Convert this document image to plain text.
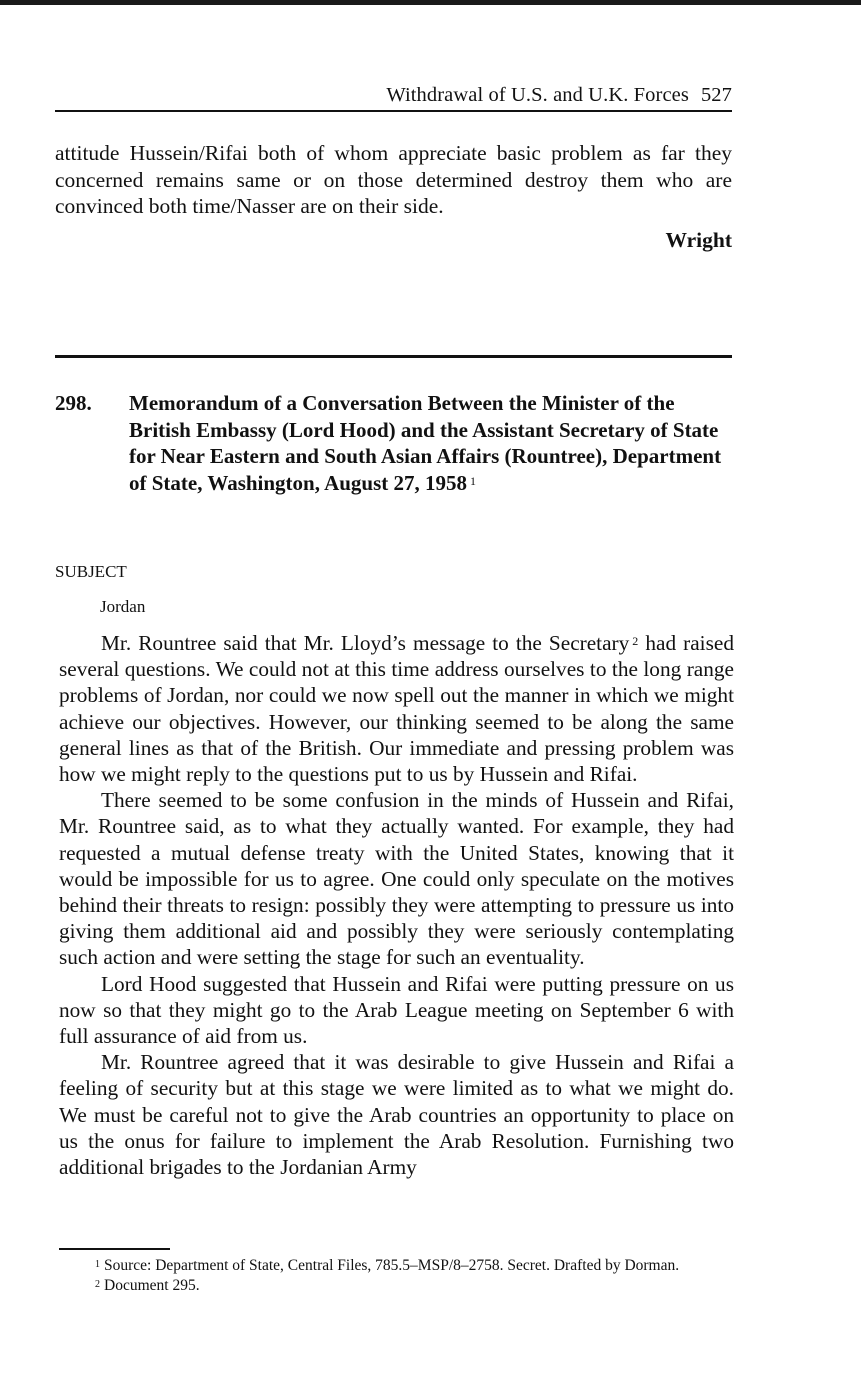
Withdrawal of U.S. and U.K. Forces 527
attitude Hussein/Rifai both of whom appreciate basic problem as far they concerned remains same or on those determined destroy them who are convinced both time/Nasser are on their side.
Wright
298. Memorandum of a Conversation Between the Minister of the British Embassy (Lord Hood) and the Assistant Secretary of State for Near Eastern and South Asian Affairs (Rountree), Department of State, Washington, August 27, 1958 $^1$
SUBJECT
Jordan

Mr. Rountree said that Mr. Lloyd’s message to the Secretary $^2$ had raised several questions. We could not at this time address ourselves to the long range problems of Jordan, nor could we now spell out the manner in which we might achieve our objectives. However, our thinking seemed to be along the same general lines as that of the British. Our immediate and pressing problem was how we might reply to the questions put to us by Hussein and Rifai.

There seemed to be some confusion in the minds of Hussein and Rifai, Mr. Rountree said, as to what they actually wanted. For example, they had requested a mutual defense treaty with the United States, knowing that it would be impossible for us to agree. One could only speculate on the motives behind their threats to resign: possibly they were attempting to pressure us into giving them additional aid and possibly they were seriously contemplating such action and were setting the stage for such an eventuality.

Lord Hood suggested that Hussein and Rifai were putting pressure on us now so that they might go to the Arab League meeting on September 6 with full assurance of aid from us.

Mr. Rountree agreed that it was desirable to give Hussein and Rifai a feeling of security but at this stage we were limited as to what we might do. We must be careful not to give the Arab countries an opportunity to place on us the onus for failure to implement the Arab Resolution. Furnishing two additional brigades to the Jordanian Army

$^1$ Source: Department of State, Central Files, 785.5–MSP/8–2758. Secret. Drafted by Dorman.

$^2$ Document 295.
